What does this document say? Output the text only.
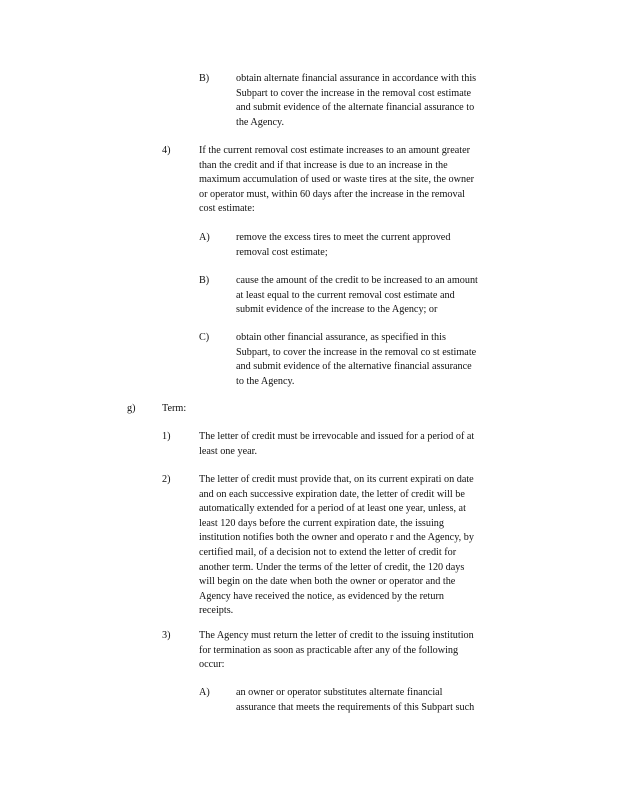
B)	obtain alternate financial assurance in accordance with this
Subpart to cover the increase in the removal cost estimate
and submit evidence of the alternate financial assurance to
the Agency.
4)	If the current removal cost estimate increases to an amount greater
than the credit and if that increase is due to an increase in the
maximum accumulation of used or waste tires at the site, the owner
or operator must, within 60 days after the increase in the removal
cost estimate:
A)	remove the excess tires to meet the current approved
removal cost estimate;
B)	cause the amount of the credit to be increased to an amount
at least equal to the current removal cost estimate and
submit evidence of the increase to the Agency; or
C)	obtain other financial assurance, as specified in this
Subpart, to cover the increase in the removal co st estimate
and submit evidence of the alternative financial assurance
to the Agency.
g)	Term:
1)	The letter of credit must be irrevocable and issued for a period of at
least one year.
2)	The letter of credit must provide that, on its current expirati on date
and on each successive expiration date, the letter of credit will be
automatically extended for a period of at least one year, unless, at
least 120 days before the current expiration date, the issuing
institution notifies both the owner and operato r and the Agency, by
certified mail, of a decision not to extend the letter of credit for
another term. Under the terms of the letter of credit, the 120 days
will begin on the date when both the owner or operator and the
Agency have received the notice, as evidenced by the return
receipts.
3)	The Agency must return the letter of credit to the issuing institution
for termination as soon as practicable after any of the following
occur:
A)	an owner or operator substitutes alternate financial
assurance that meets the requirements of this Subpart such
